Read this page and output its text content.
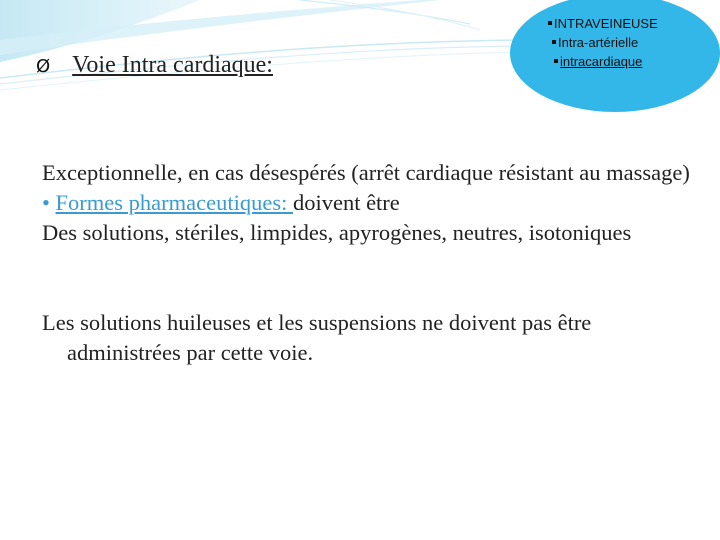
INTRAVEINEUSE
Intra-artérielle
intracardiaque
Ø Voie Intra cardiaque:
Exceptionnelle, en cas désespérés (arrêt cardiaque résistant au massage)
• Formes pharmaceutiques: doivent être
Des solutions, stériles, limpides, apyrogènes, neutres, isotoniques
Les solutions huileuses et les suspensions ne doivent pas être administrées par cette voie.
